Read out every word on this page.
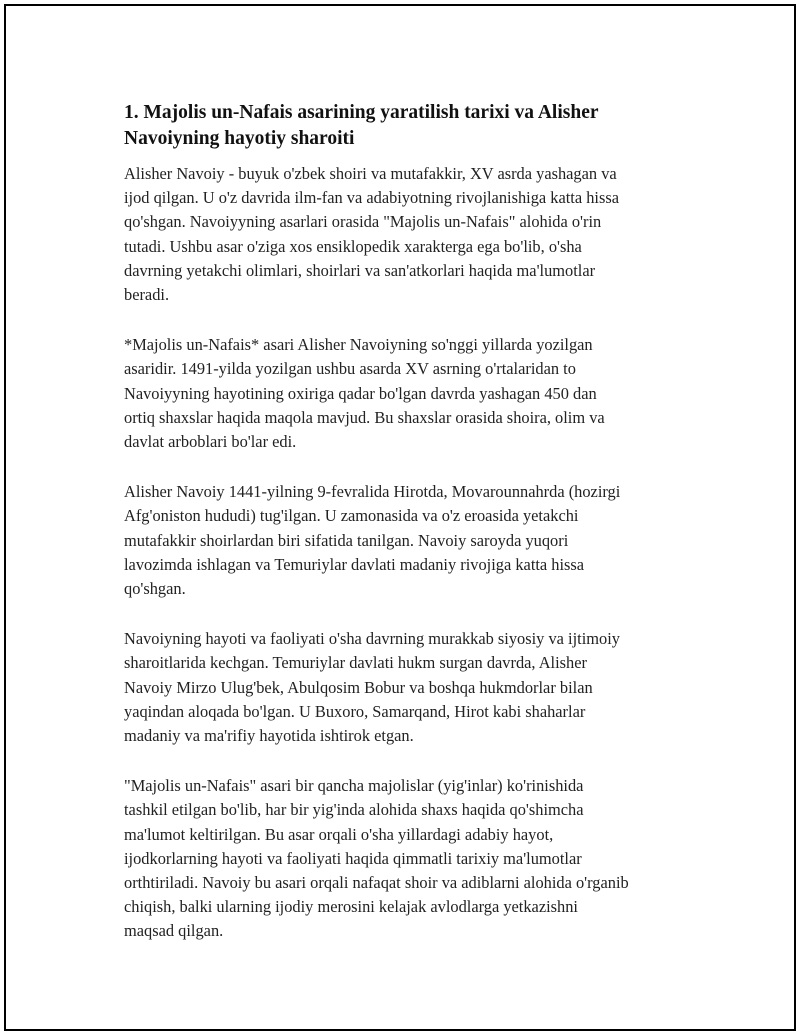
1. Majolis un-Nafais asarining yaratilish tarixi va Alisher
Navoiyning hayotiy sharoiti

Alisher Navoiy - buyuk o'zbek shoiri va mutafakkir, XV asrda yashagan va
ijod qilgan. U o'z davrida ilm-fan va adabiyotning rivojlanishiga katta hissa
qo'shgan. Navoiyyning asarlari orasida "Majolis un-Nafais" alohida o'rin
tutadi. Ushbu asar o'ziga xos ensiklopedik xarakterga ega bo'lib, o'sha
davrning yetakchi olimlari, shoirlari va san'atkorlari haqida ma'lumotlar
beradi.

*Majolis un-Nafais* asari Alisher Navoiyning so'nggi yillarda yozilgan
asaridir. 1491-yilda yozilgan ushbu asarda XV asrning o'rtalaridan to
Navoiyyning hayotining oxiriga qadar bo'lgan davrda yashagan 450 dan
ortiq shaxslar haqida maqola mavjud. Bu shaxslar orasida shoira, olim va
davlat arboblari bo'lar edi.

Alisher Navoiy 1441-yilning 9-fevralida Hirotda, Movarounnahrda (hozirgi
Afg'oniston hududi) tug'ilgan. U zamonasida va o'z eroasida yetakchi
mutafakkir shoirlardan biri sifatida tanilgan. Navoiy saroyda yuqori
lavozimda ishlagan va Temuriylar davlati madaniy rivojiga katta hissa
qo'shgan.

Navoiyning hayoti va faoliyati o'sha davrning murakkab siyosiy va ijtimoiy
sharoitlarida kechgan. Temuriylar davlati hukm surgan davrda, Alisher
Navoiy Mirzo Ulug'bek, Abulqosim Bobur va boshqa hukmdorlar bilan
yaqindan aloqada bo'lgan. U Buxoro, Samarqand, Hirot kabi shaharlar
madaniy va ma'rifiy hayotida ishtirok etgan.

"Majolis un-Nafais" asari bir qancha majolislar (yig'inlar) ko'rinishida
tashkil etilgan bo'lib, har bir yig'inda alohida shaxs haqida qo'shimcha
ma'lumot keltirilgan. Bu asar orqali o'sha yillardagi adabiy hayot,
ijodkorlarning hayoti va faoliyati haqida qimmatli tarixiy ma'lumotlar
orthtiriladi. Navoiy bu asari orqali nafaqat shoir va adiblarni alohida o'rganib
chiqish, balki ularning ijodiy merosini kelajak avlodlarga yetkazishni
maqsad qilgan.
